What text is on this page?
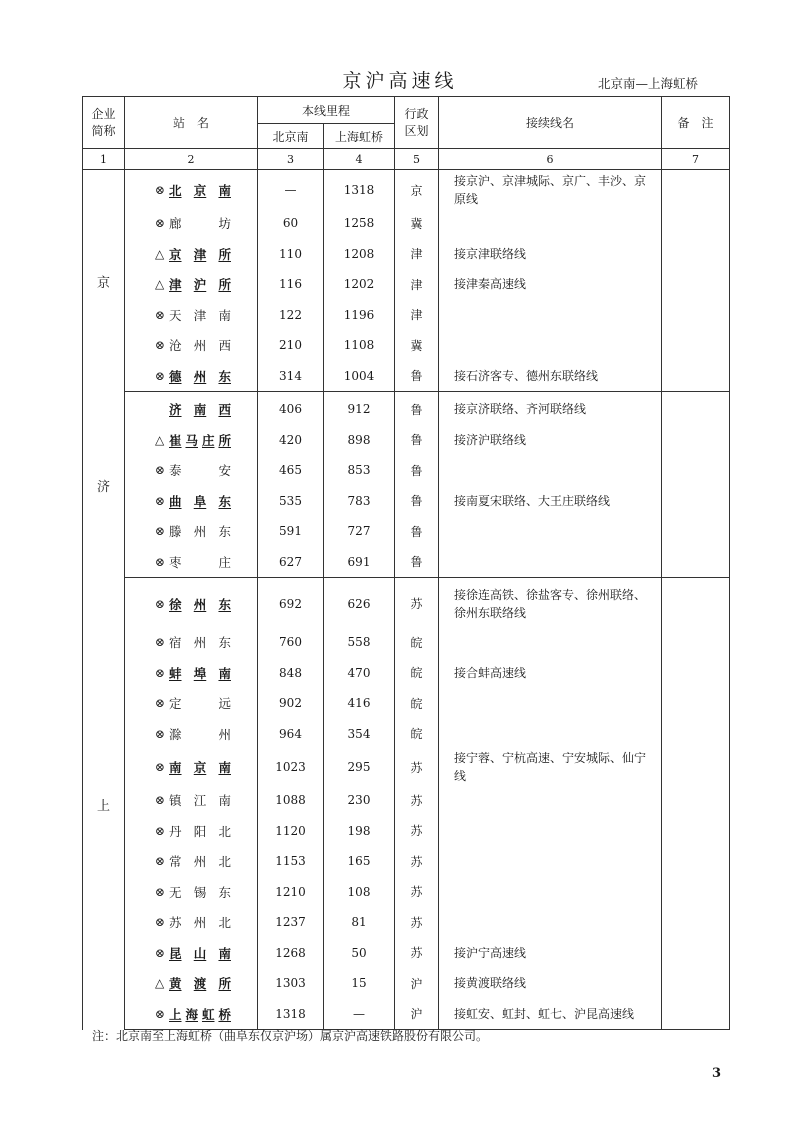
京沪高速线	北京南—上海虹桥
企业
简称	站　名	本线里程		行政
区划	接续线名	备　注
		北京南	上海虹桥			
1	2	3	4	5	6	7
京	⊗ 北 京 南	—	1318	京	接京沪、京津城际、京广、丰沙、京原线	

	⊗ 廊 坊	60	1258	冀		

	△ 京 津 所	110	1208	津	接京津联络线	

	△ 津 沪 所	116	1202	津	接津秦高速线	

	⊗ 天 津 南	122	1196	津		

	⊗ 沧 州 西	210	1108	冀		

	⊗ 德 州 东	314	1004	鲁	接石济客专、德州东联络线	
济	济 南 西	406	912	鲁	接京济联络、齐河联络线	

	△ 崔 马 庄 所	420	898	鲁	接济沪联络线	

	⊗ 泰 安	465	853	鲁		

	⊗ 曲 阜 东	535	783	鲁	接南夏宋联络、大王庄联络线	

	⊗ 滕 州 东	591	727	鲁		

	⊗ 枣 庄	627	691	鲁		
上	⊗ 徐 州 东	692	626	苏	接徐连高铁、徐盐客专、徐州联络、徐州东联络线	

	⊗ 宿 州 东	760	558	皖		

	⊗ 蚌 埠 南	848	470	皖	接合蚌高速线	

	⊗ 定 远	902	416	皖		

	⊗ 滁 州	964	354	皖		

	⊗ 南 京 南	1023	295	苏	接宁蓉、宁杭高速、宁安城际、仙宁线	

	⊗ 镇 江 南	1088	230	苏		

	⊗ 丹 阳 北	1120	198	苏		

	⊗ 常 州 北	1153	165	苏		

	⊗ 无 锡 东	1210	108	苏		

	⊗ 苏 州 北	1237	81	苏		

	⊗ 昆 山 南	1268	50	苏	接沪宁高速线	

	△ 黄 渡 所	1303	15	沪	接黄渡联络线	

	⊗ 上 海 虹 桥	1318	—	沪	接虹安、虹封、虹七、沪昆高速线	
注：北京南至上海虹桥（曲阜东仅京沪场）属京沪高速铁路股份有限公司。
3
